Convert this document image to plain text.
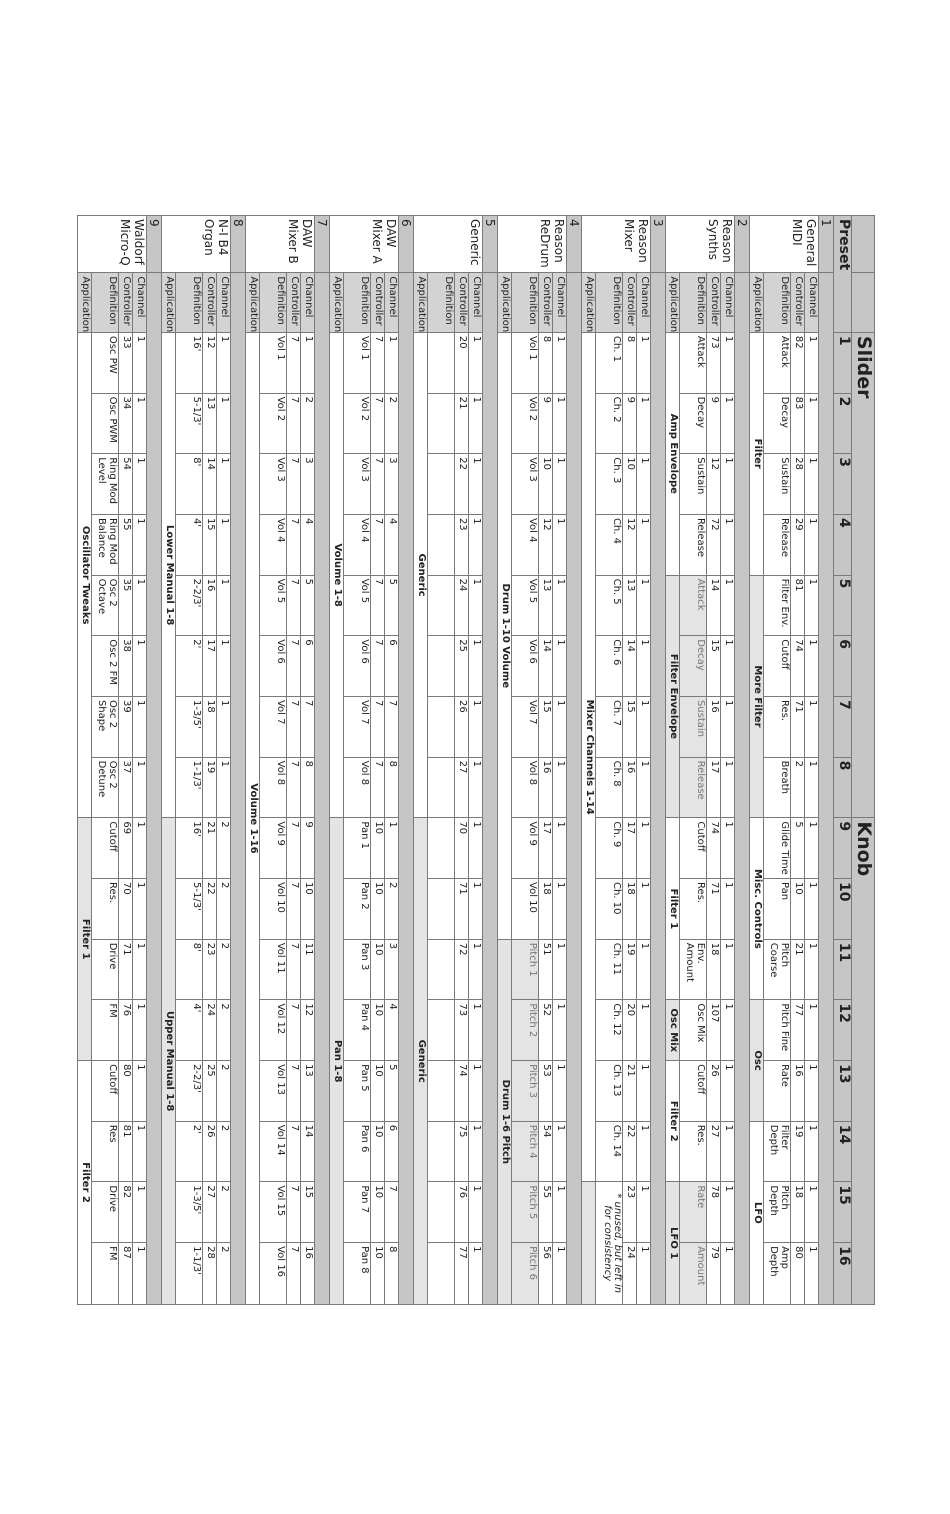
		Slider								Knob							
Preset		1	2	3	4	5	6	7	8	9	10	11	12	13	14	15	16
1																	
General MIDI	Channel	1	1	1	1	1	1	1	1	1	1	1	1	1	1	1	1
	Controller	82	83	28	29	81	74	71	2	5	10	21	77	16	19	18	80
	Definition	Attack	Decay	Sustain	Release	Filter Env.	Cutoff	Res.	Breath	Glide Time	Pan	Pitch Coarse	Pitch Fine	Rate	Filter Depth	Pitch Depth	Amp Depth
	Application	Filter				More Filter				Misc. Controls			Osc		LFO		
2																	
Reason Synths	Channel	1	1	1	1	1	1	1	1	1	1	1	1	1	1	1	1
	Controller	73	9	12	72	14	15	16	17	74	71	18	107	26	27	78	79
	Definition	Attack	Decay	Sustain	Release	Attack	Decay	Sustain	Release	Cutoff	Res.	Env. Amount	Osc Mix	Cutoff	Res.	Rate	Amount
	Application	Amp Envelope				Filter Envelope				Filter 1			Osc Mix	Filter 2		LFO 1	
3																	
Reason Mixer	Channel	1	1	1	1	1	1	1	1	1	1	1	1	1	1	1	1
	Controller	8	9	10	12	13	14	15	16	17	18	19	20	21	22	23	24
	Definition	Ch. 1	Ch. 2	Ch. 3	Ch. 4	Ch. 5	Ch. 6	Ch. 7	Ch. 8	Ch. 9	Ch. 10	Ch. 11	Ch. 12	Ch. 13	Ch. 14	* unused, but left in for consistency	
	Application	Mixer Channels 1-14															
4																	
Reason ReDrum	Channel	1	1	1	1	1	1	1	1	1	1	1	1	1	1	1	1
	Controller	8	9	10	12	13	14	15	16	17	18	51	52	53	54	55	56
	Definition	Vol 1	Vol 2	Vol 3	Vol 4	Vol 5	Vol 6	Vol 7	Vol 8	Vol 9	Vol 10	Pitch 1	Pitch 2	Pitch 3	Pitch 4	Pitch 5	Pitch 6
	Application	Drum 1-10 Volume										Drum 1-6 Pitch					
5																	
Generic	Channel	1	1	1	1	1	1	1	1	1	1	1	1	1	1	1	1
	Controller	20	21	22	23	24	25	26	27	70	71	72	73	74	75	76	77
	Definition																
	Application	Generic								Generic							
6																	
DAW Mixer A	Channel	1	2	3	4	5	6	7	8	1	2	3	4	5	6	7	8
	Controller	7	7	7	7	7	7	7	7	10	10	10	10	10	10	10	10
	Definition	Vol 1	Vol 2	Vol 3	Vol 4	Vol 5	Vol 6	Vol 7	Vol 8	Pan 1	Pan 2	Pan 3	Pan 4	Pan 5	Pan 6	Pan 7	Pan 8
	Application	Volume 1-8								Pan 1-8							
7																	
DAW Mixer B	Channel	1	2	3	4	5	6	7	8	9	10	11	12	13	14	15	16
	Controller	7	7	7	7	7	7	7	7	7	7	7	7	7	7	7	7
	Definition	Vol 1	Vol 2	Vol 3	Vol 4	Vol 5	Vol 6	Vol 7	Vol 8	Vol 9	Vol 10	Vol 11	Vol 12	Vol 13	Vol 14	Vol 15	Vol 16
	Application	Volume 1-16															
8																	
N-I B4 Organ	Channel	1	1	1	1	1	1	1	1	2	2	2	2	2	2	2	2
	Controller	12	13	14	15	16	17	18	19	21	22	23	24	25	26	27	28
	Definition	16'	5-1/3'	8'	4'	2-2/3'	2'	1-3/5'	1-1/3'	16'	5-1/3'	8'	4'	2-2/3'	2'	1-3/5'	1-1/3'
	Application	Lower Manual 1-8								Upper Manual 1-8							
9																	
Waldorf Micro-Q	Channel	1	1	1	1	1	1	1	1	1	1	1	1	1	1	1	1
	Controller	33	34	54	55	35	38	39	37	69	70	71	76	80	81	82	87
	Definition	Osc PW	Osc PWM	Ring Mod Level	Ring Mod Balance	Osc 2 Octave	Osc 2 FM	Osc 2 Shape	Osc 2 Detune	Cutoff	Res.	Drive	FM	Cutoff	Res	Drive	FM
	Application	Oscillator Tweaks								Filter 1				Filter 2			
